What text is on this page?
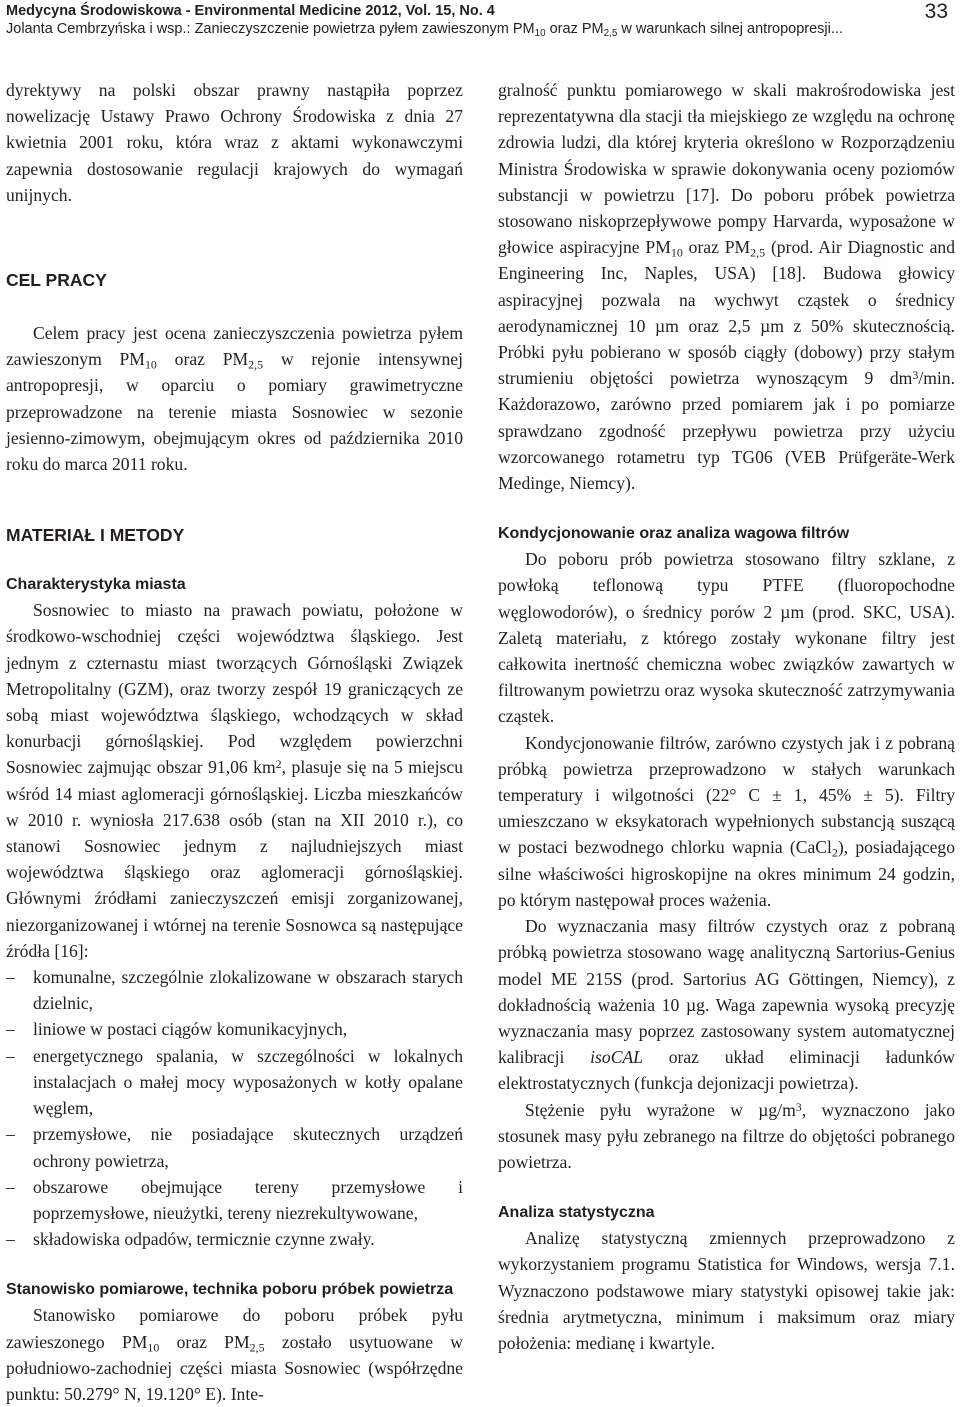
Medycyna Środowiskowa - Environmental Medicine 2012, Vol. 15, No. 4
Jolanta Cembrzyńska i wsp.: Zanieczyszczenie powietrza pyłem zawieszonym $PM_{10}$ oraz $PM_{2,5}$ w warunkach silnej antropopresji...
33

dyrektywy na polski obszar prawny nastąpiła poprzez nowelizację Ustawy Prawo Ochrony Środowiska z dnia 27 kwietnia 2001 roku, która wraz z aktami wykonawczymi zapewnia dostosowanie regulacji krajowych do wymagań unijnych.

CEL PRACY

Celem pracy jest ocena zanieczyszczenia powietrza pyłem zawieszonym $PM_{10}$ oraz $PM_{2,5}$ w rejonie intensywnej antropopresji, w oparciu o pomiary grawimetryczne przeprowadzone na terenie miasta Sosnowiec w sezonie jesienno-zimowym, obejmującym okres od października 2010 roku do marca 2011 roku.

MATERIAŁ I METODY
Charakterystyka miasta

Sosnowiec to miasto na prawach powiatu, położone w środkowo-wschodniej części województwa śląskiego. Jest jednym z czternastu miast tworzących Górnośląski Związek Metropolitalny (GZM), oraz tworzy zespół 19 graniczących ze sobą miast województwa śląskiego, wchodzących w skład konurbacji górnośląskiej. Pod względem powierzchni Sosnowiec zajmując obszar 91,06 $km^2$, plasuje się na 5 miejscu wśród 14 miast aglomeracji górnośląskiej. Liczba mieszkańców w 2010 r. wyniosła 217.638 osób (stan na XII 2010 r.), co stanowi Sosnowiec jednym z najludniejszych miast województwa śląskiego oraz aglomeracji górnośląskiej. Głównymi źródłami zanieczyszczeń emisji zorganizowanej, niezorganizowanej i wtórnej na terenie Sosnowca są następujące źródła [16]:

– komunalne, szczególnie zlokalizowane w obszarach starych dzielnic,
– liniowe w postaci ciągów komunikacyjnych,
– energetycznego spalania, w szczególności w lokalnych instalacjach o małej mocy wyposażonych w kotły opalane węglem,
– przemysłowe, nie posiadające skutecznych urządzeń ochrony powietrza,
– obszarowe obejmujące tereny przemysłowe i poprzemysłowe, nieużytki, tereny niezrekultywowane,
– składowiska odpadów, termicznie czynne zwały.
Stanowisko pomiarowe, technika poboru próbek powietrza

Stanowisko pomiarowe do poboru próbek pyłu zawieszonego $PM_{10}$ oraz $PM_{2,5}$ zostało usytuowane w południowo-zachodniej części miasta Sosnowiec (współrzędne punktu: 50.279° N, 19.120° E). Inte-

gralność punktu pomiarowego w skali makrośrodowiska jest reprezentatywna dla stacji tła miejskiego ze względu na ochronę zdrowia ludzi, dla której kryteria określono w Rozporządzeniu Ministra Środowiska w sprawie dokonywania oceny poziomów substancji w powietrzu [17]. Do poboru próbek powietrza stosowano niskoprzepływowe pompy Harvarda, wyposażone w głowice aspiracyjne $PM_{10}$ oraz $PM_{2,5}$ (prod. Air Diagnostic and Engineering Inc, Naples, USA) [18]. Budowa głowicy aspiracyjnej pozwala na wychwyt cząstek o średnicy aerodynamicznej 10 µm oraz 2,5 µm z 50% skutecznością. Próbki pyłu pobierano w sposób ciągły (dobowy) przy stałym strumieniu objętości powietrza wynoszącym 9 $dm^3/\min$. Każdorazowo, zarówno przed pomiarem jak i po pomiarze sprawdzano zgodność przepływu powietrza przy użyciu wzorcowanego rotametru typ TG06 (VEB Prüfgeräte-Werk Medinge, Niemcy).

Kondycjonowanie oraz analiza wagowa filtrów

Do poboru prób powietrza stosowano filtry szklane, z powłoką teflonową typu PTFE (fluoropochodne węglowodorów), o średnicy porów 2 µm (prod. SKC, USA). Zaletą materiału, z którego zostały wykonane filtry jest całkowita inertność chemiczna wobec związków zawartych w filtrowanym powietrzu oraz wysoka skuteczność zatrzymywania cząstek.

Kondycjonowanie filtrów, zarówno czystych jak i z pobraną próbką powietrza przeprowadzono w stałych warunkach temperatury i wilgotności (22° C ± 1, 45% ± 5). Filtry umieszczano w eksykatorach wypełnionych substancją suszącą w postaci bezwodnego chlorku wapnia (CaCl$_2$), posiadającego silne właściwości higroskopijne na okres minimum 24 godzin, po którym następował proces ważenia.

Do wyznaczania masy filtrów czystych oraz z pobraną próbką powietrza stosowano wagę analityczną Sartorius-Genius model ME 215S (prod. Sartorius AG Göttingen, Niemcy), z dokładnością ważenia 10 µg. Waga zapewnia wysoką precyzję wyznaczania masy poprzez zastosowany system automatycznej kalibracji isoCAL oraz układ eliminacji ładunków elektrostatycznych (funkcja dejonizacji powietrza).

Stężenie pyłu wyrażone w $\mu g/m^3$, wyznaczono jako stosunek masy pyłu zebranego na filtrze do objętości pobranego powietrza.

Analiza statystyczna

Analizę statystyczną zmiennych przeprowadzono z wykorzystaniem programu Statistica for Windows, wersja 7.1. Wyznaczono podstawowe miary statystyki opisowej takie jak: średnia arytmetyczna, minimum i maksimum oraz miary położenia: medianę i kwartyle.
